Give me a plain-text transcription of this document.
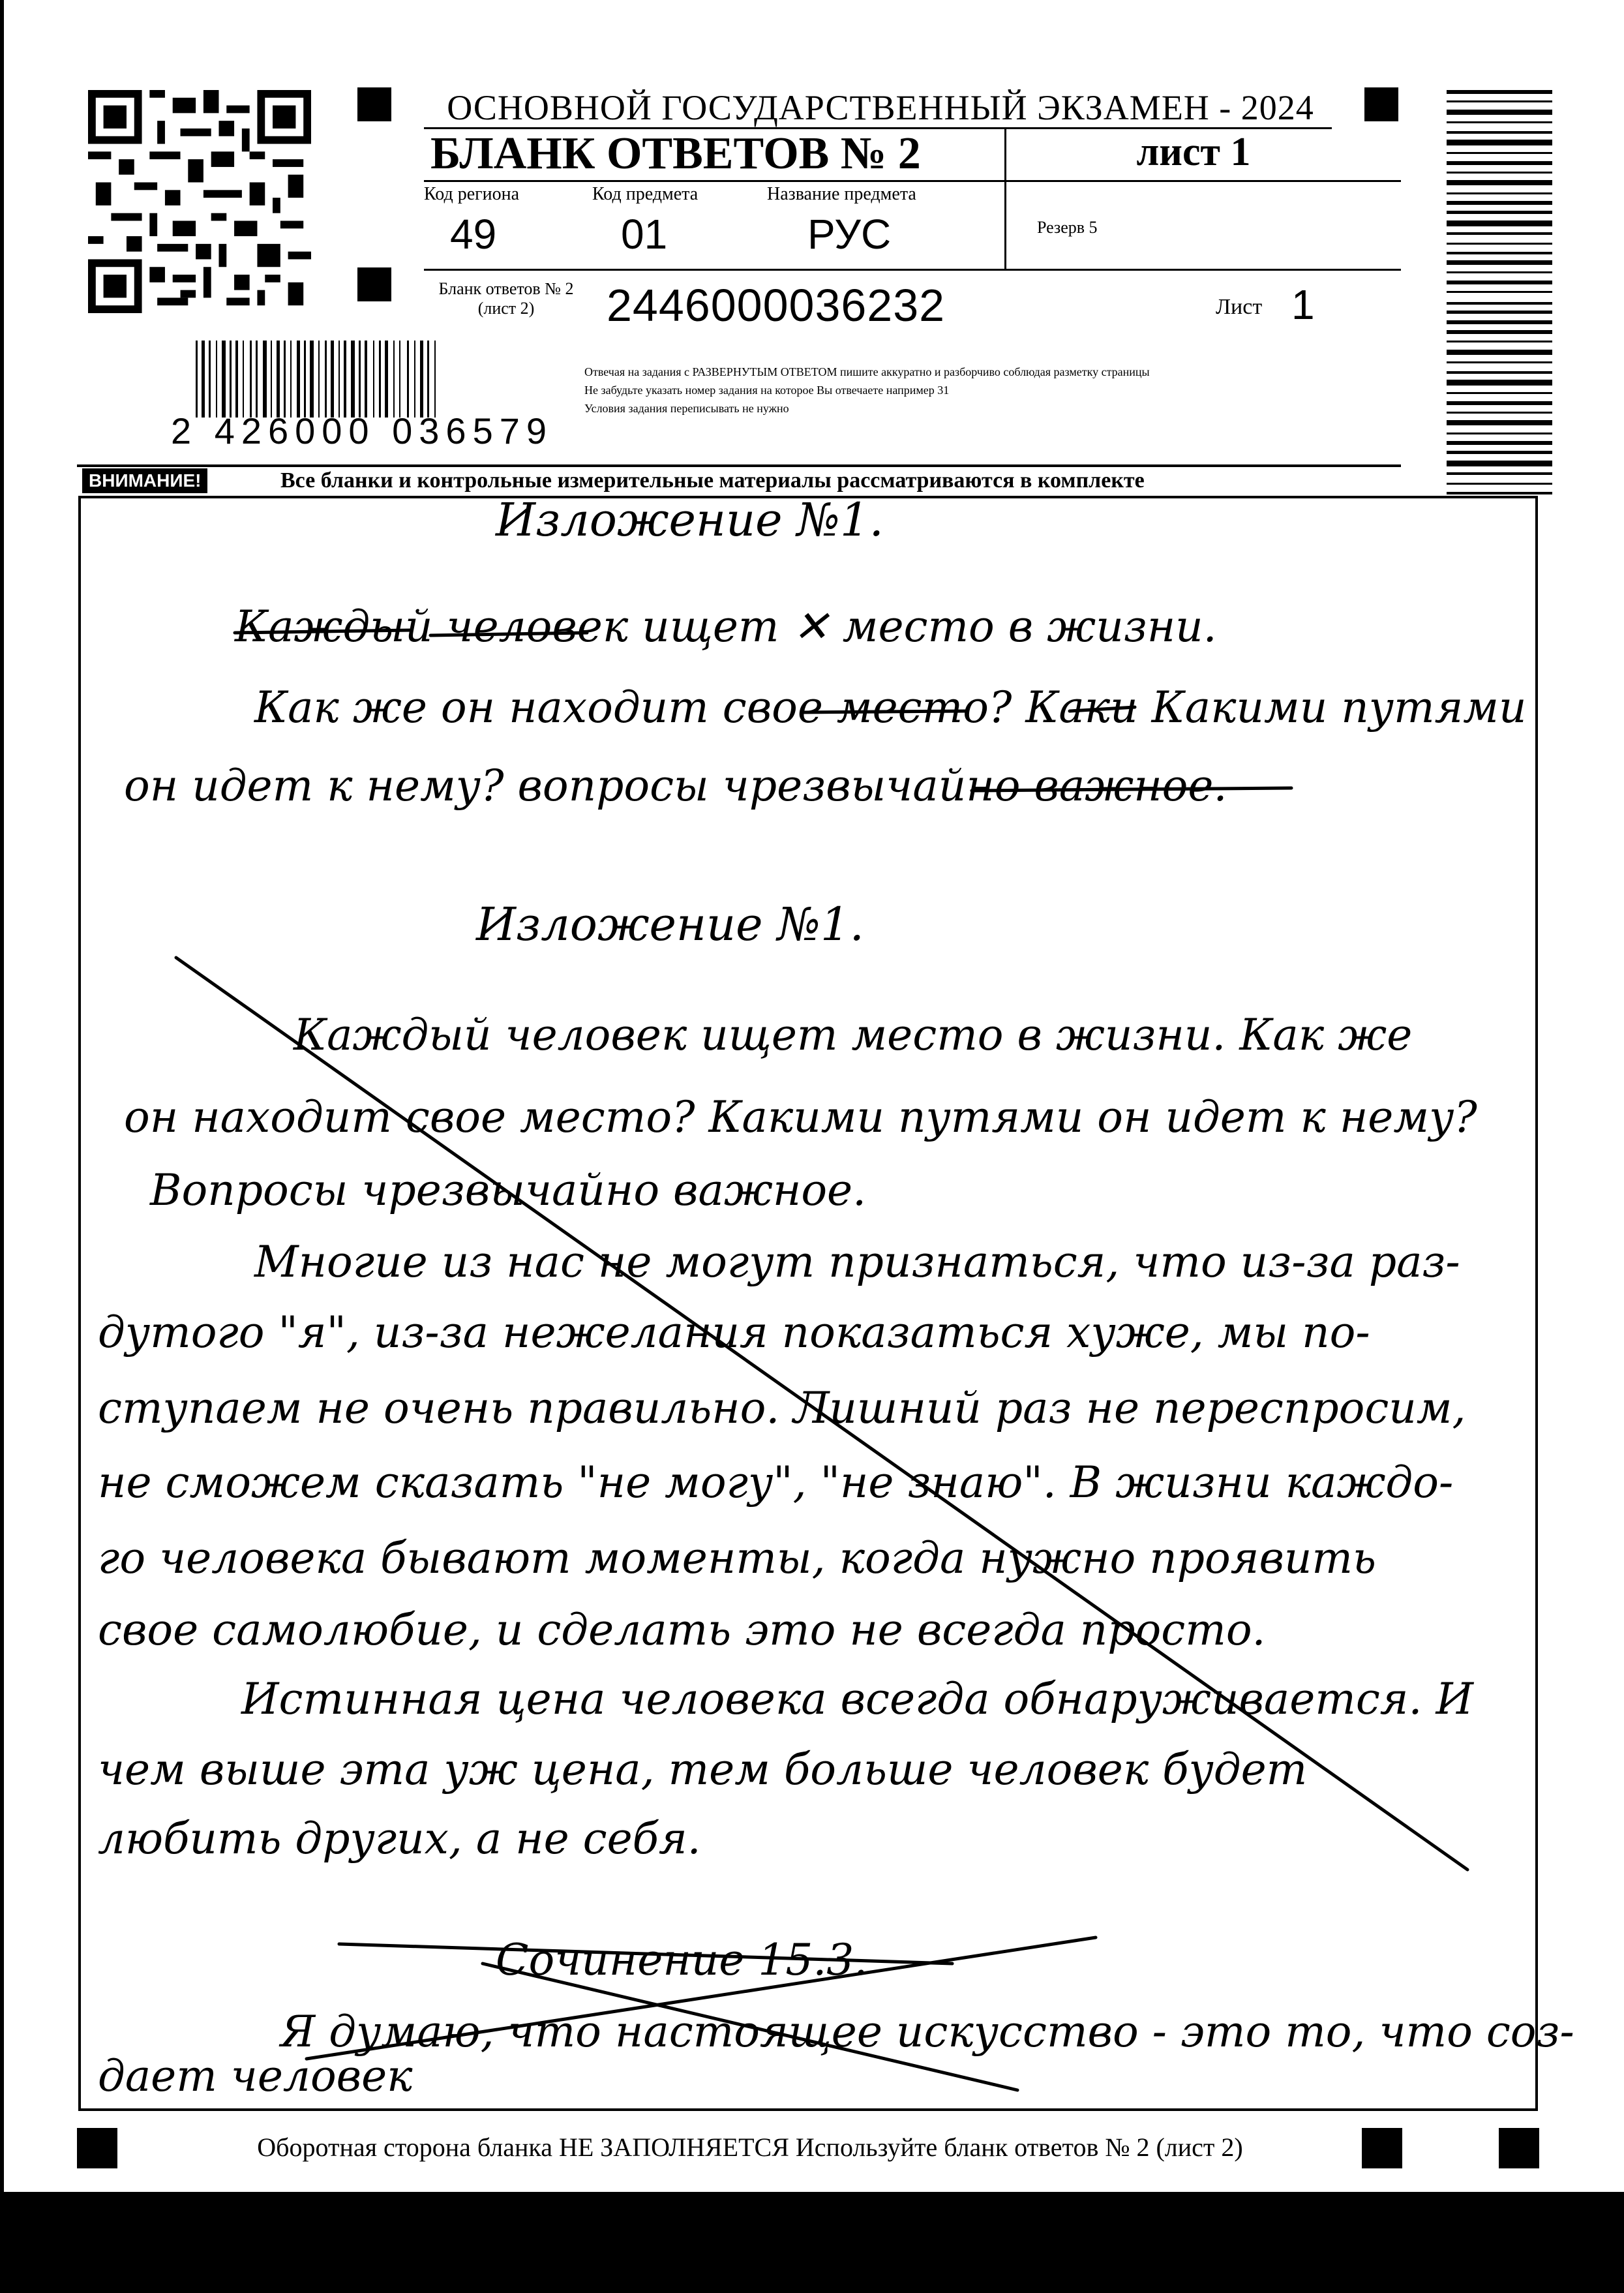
2 426000 036579
ОСНОВНОЙ ГОСУДАРСТВЕННЫЙ ЭКЗАМЕН - 2024
БЛАНК ОТВЕТОВ № 2	лист 1
Код региона
49
Код предмета
01
Название предмета
РУС	Резерв 5
Бланк ответов № 2
(лист 2)	2446000036232	Лист 1
Отвечая на задания с РАЗВЕРНУТЫМ ОТВЕТОМ пишите аккуратно и разборчиво соблюдая разметку страницы
Не забудьте указать номер задания на которое Вы отвечаете например 31
Условия задания переписывать не нужно
ВНИМАНИЕ!	Все бланки и контрольные измерительные материалы рассматриваются в комплекте
Изложение №1.
Каждый человек ищет ✕ место в жизни.
Как же он находит свое место? Каки Какими путями
он идет к нему? вопросы чрезвычайно важное.
Изложение №1.
Каждый человек ищет место в жизни. Как же
он находит свое место? Какими путями он идет к нему?
Вопросы чрезвычайно важное.
Многие из нас не могут признаться, что из-за раз-
дутого "я", из-за нежелания показаться хуже, мы по-
ступаем не очень правильно. Лишний раз не переспросим,
не сможем сказать "не могу", "не знаю". В жизни каждо-
го человека бывают моменты, когда нужно проявить
свое самолюбие, и сделать это не всегда просто.
Истинная цена человека всегда обнаруживается. И
чем выше эта уж цена, тем больше человек будет
любить других, а не себя.
Сочинение 15.3.
Я думаю, что настоящее искусство - это то, что соз-
дает человек
Оборотная сторона бланка НЕ ЗАПОЛНЯЕТСЯ Используйте бланк ответов № 2 (лист 2)
